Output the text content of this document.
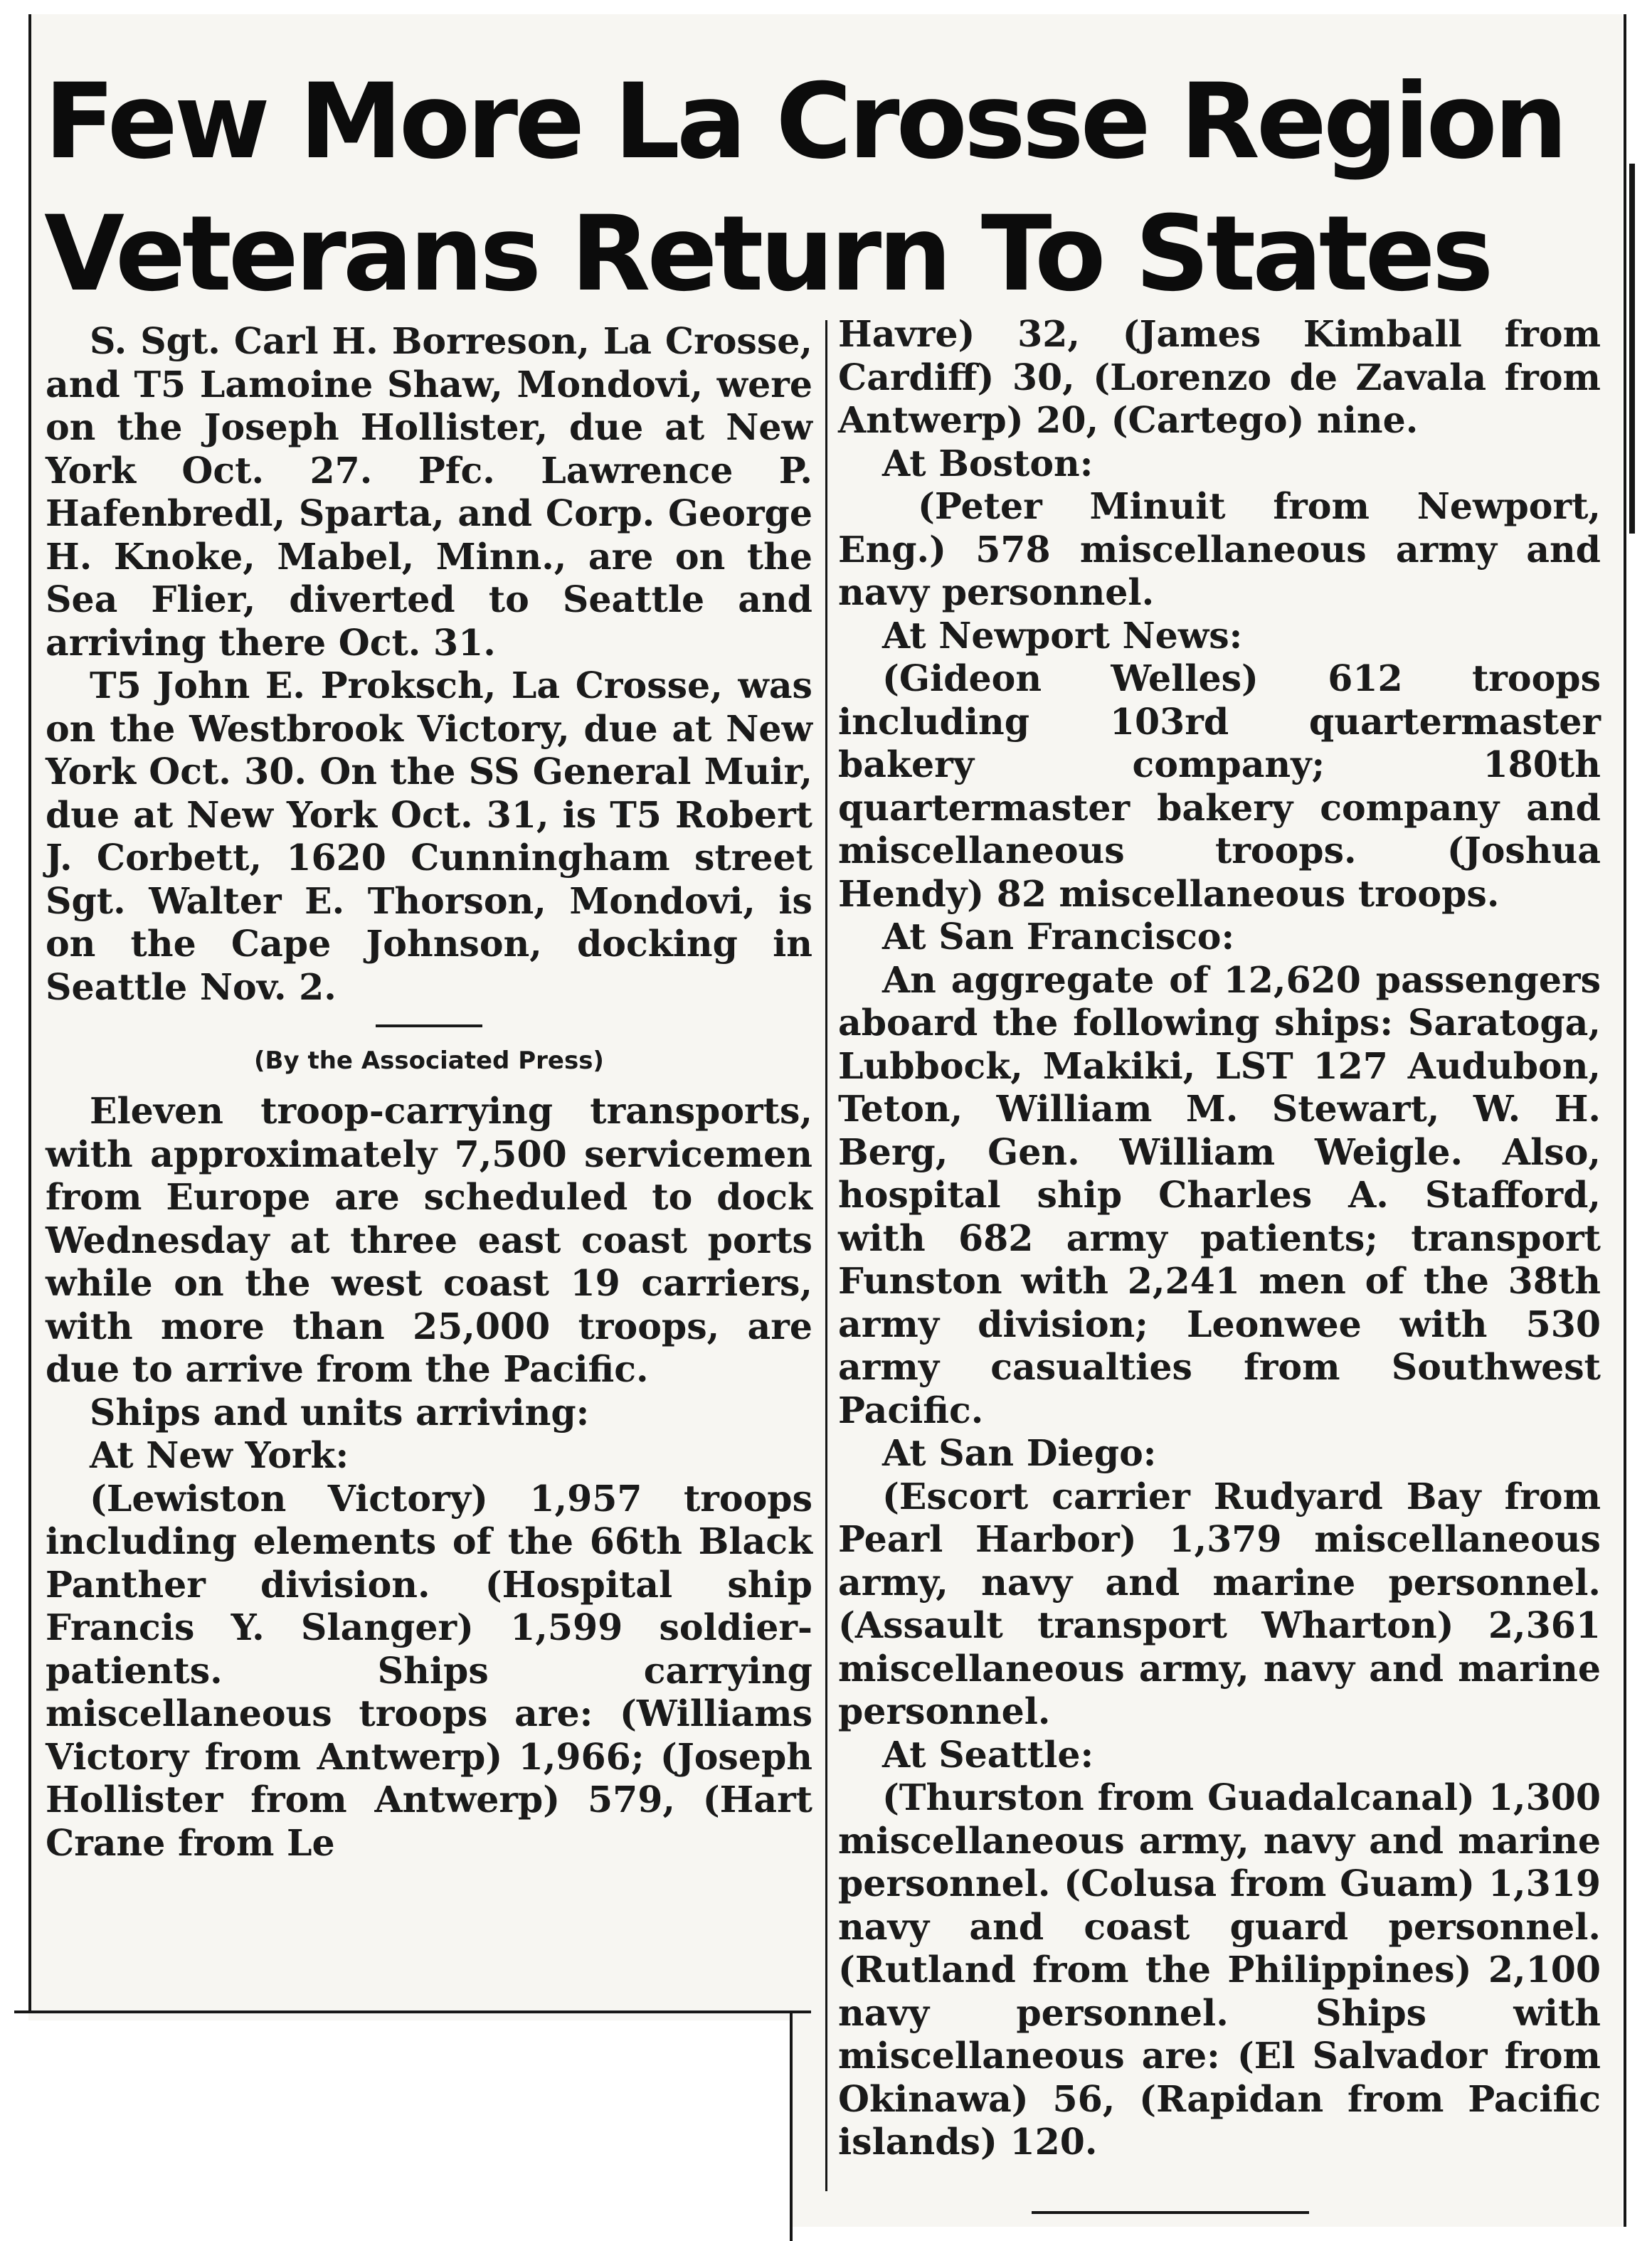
Few More La Crosse Region
Veterans Return To States

S. Sgt. Carl H. Borreson, La Crosse, and T5 Lamoine Shaw, Mondovi, were on the Joseph Hollister, due at New York Oct. 27. Pfc. Lawrence P. Hafenbredl, Sparta, and Corp. George H. Knoke, Mabel, Minn., are on the Sea Flier, diverted to Seattle and arriving there Oct. 31.

T5 John E. Proksch, La Crosse, was on the Westbrook Victory, due at New York Oct. 30. On the SS General Muir, due at New York Oct. 31, is T5 Robert J. Corbett, 1620 Cunningham street Sgt. Walter E. Thorson, Mondovi, is on the Cape Johnson, docking in Seattle Nov. 2.

(By the Associated Press)

Eleven troop-carrying transports, with approximately 7,500 servicemen from Europe are scheduled to dock Wednesday at three east coast ports while on the west coast 19 carriers, with more than 25,000 troops, are due to arrive from the Pacific.

Ships and units arriving:

At New York:

(Lewiston Victory) 1,957 troops including elements of the 66th Black Panther division. (Hospital ship Francis Y. Slanger) 1,599 soldier-patients. Ships carrying miscellaneous troops are: (Williams Victory from Antwerp) 1,966; (Joseph Hollister from Antwerp) 579, (Hart Crane from Le

Havre) 32, (James Kimball from Cardiff) 30, (Lorenzo de Zavala from Antwerp) 20, (Cartego) nine.

At Boston:

(Peter Minuit from Newport, Eng.) 578 miscellaneous army and navy personnel.

At Newport News:

(Gideon Welles) 612 troops including 103rd quartermaster bakery company; 180th quartermaster bakery company and miscellaneous troops. (Joshua Hendy) 82 miscellaneous troops.

At San Francisco:

An aggregate of 12,620 passengers aboard the following ships: Saratoga, Lubbock, Makiki, LST 127 Audubon, Teton, William M. Stewart, W. H. Berg, Gen. William Weigle. Also, hospital ship Charles A. Stafford, with 682 army patients; transport Funston with 2,241 men of the 38th army division; Leonwee with 530 army casualties from Southwest Pacific.

At San Diego:

(Escort carrier Rudyard Bay from Pearl Harbor) 1,379 miscellaneous army, navy and marine personnel. (Assault transport Wharton) 2,361 miscellaneous army, navy and marine personnel.

At Seattle:

(Thurston from Guadalcanal) 1,300 miscellaneous army, navy and marine personnel. (Colusa from Guam) 1,319 navy and coast guard personnel. (Rutland from the Philippines) 2,100 navy personnel. Ships with miscellaneous are: (El Salvador from Okinawa) 56, (Rapidan from Pacific islands) 120.
